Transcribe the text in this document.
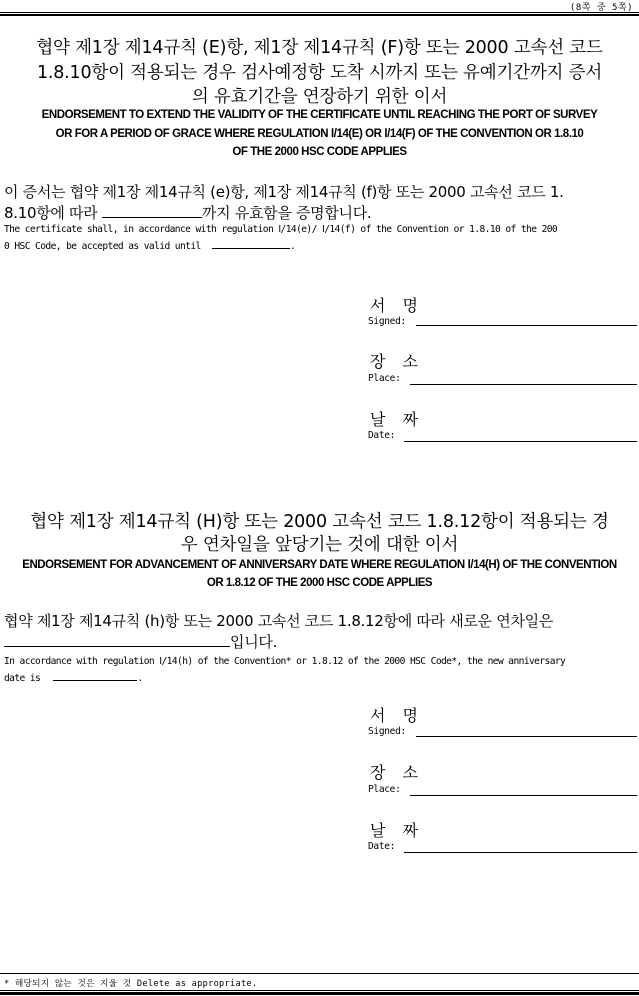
(8쪽 중 5쪽)
협약 제1장 제14규칙 (E)항, 제1장 제14규칙 (F)항 또는 2000 고속선 코드
1.8.10항이 적용되는 경우 검사예정항 도착 시까지 또는 유예기간까지 증서
의 유효기간을 연장하기 위한 이서
ENDORSEMENT TO EXTEND THE VALIDITY OF THE CERTIFICATE UNTIL REACHING THE PORT OF SURVEY
OR FOR A PERIOD OF GRACE WHERE REGULATION Ⅰ/14(E) OR Ⅰ/14(F) OF THE CONVENTION OR 1.8.10
OF THE 2000 HSC CODE APPLIES
이 증서는 협약 제1장 제14규칙 (e)항, 제1장 제14규칙 (f)항 또는 2000 고속선 코드 1.
8.10항에 따라	까지 유효함을 증명합니다.
The certificate shall, in accordance with regulation Ⅰ/14(e)/ Ⅰ/14(f) of the Convention or 1.8.10 of the 200
0 HSC Code, be accepted as valid until	.
서 명
Signed:
장 소
Place:
날 짜
Date:
협약 제1장 제14규칙 (H)항 또는 2000 고속선 코드 1.8.12항이 적용되는 경
우 연차일을 앞당기는 것에 대한 이서
ENDORSEMENT FOR ADVANCEMENT OF ANNIVERSARY DATE WHERE REGULATION Ⅰ/14(H) OF THE CONVENTION
OR 1.8.12 OF THE 2000 HSC CODE APPLIES
협약 제1장 제14규칙 (h)항 또는 2000 고속선 코드 1.8.12항에 따라 새로운 연차일은
입니다.
In accordance with regulation Ⅰ/14(h) of the Convention* or 1.8.12 of the 2000 HSC Code*, the new anniversary
date is	.
서 명
Signed:
장 소
Place:
날 짜
Date:
* 해당되지 않는 것은 지울 것 Delete as appropriate.
